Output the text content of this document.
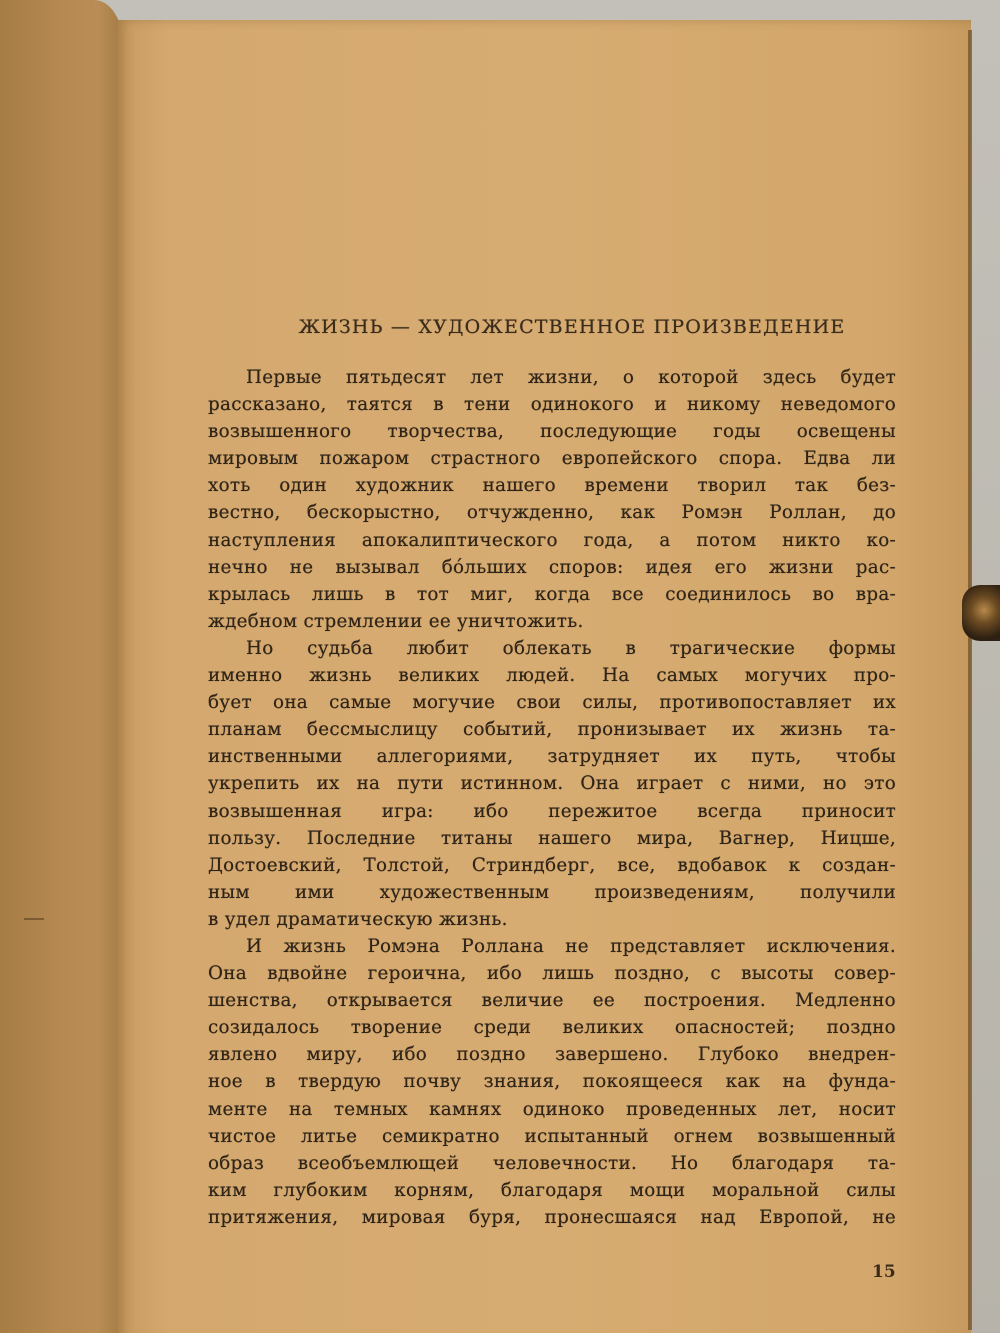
ЖИЗНЬ — ХУДОЖЕСТВЕННОЕ ПРОИЗВЕДЕНИЕ
Первые пятьдесят лет жизни, о которой здесь будет
рассказано, таятся в тени одинокого и никому неведомого
возвышенного творчества, последующие годы освещены
мировым пожаром страстного европейского спора. Едва ли
хоть один художник нашего времени творил так без-
вестно, бескорыстно, отчужденно, как Ромэн Роллан, до
наступления апокалиптического года, а потом никто ко-
нечно не вызывал бо́льших споров: идея его жизни рас-
крылась лишь в тот миг, когда все соединилось во вра-
ждебном стремлении ее уничтожить.
Но судьба любит облекать в трагические формы
именно жизнь великих людей. На самых могучих про-
бует она самые могучие свои силы, противопоставляет их
планам бессмыслицу событий, пронизывает их жизнь та-
инственными аллегориями, затрудняет их путь, чтобы
укрепить их на пути истинном. Она играет с ними, но это
возвышенная игра: ибо пережитое всегда приносит
пользу. Последние титаны нашего мира, Вагнер, Ницше,
Достоевский, Толстой, Стриндберг, все, вдобавок к создан-
ным ими художественным произведениям, получили
в удел драматическую жизнь.
И жизнь Ромэна Роллана не представляет исключения.
Она вдвойне героична, ибо лишь поздно, с высоты совер-
шенства, открывается величие ее построения. Медленно
созидалось творение среди великих опасностей; поздно
явлено миру, ибо поздно завершено. Глубоко внедрен-
ное в твердую почву знания, покоящееся как на фунда-
менте на темных камнях одиноко проведенных лет, носит
чистое литье семикратно испытанный огнем возвышенный
образ всеобъемлющей человечности. Но благодаря та-
ким глубоким корням, благодаря мощи моральной силы
притяжения, мировая буря, пронесшаяся над Европой, не
15
